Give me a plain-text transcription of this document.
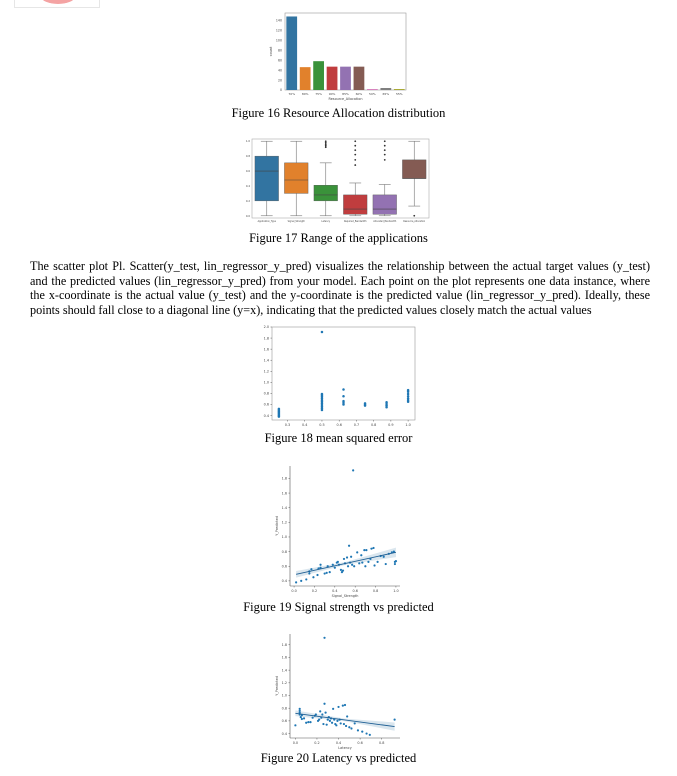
0
20
40
60
80
100
120
140
70% 80% 75% 90% 85% 60% 50% 65% 55%
Resource_Allocation
count
Figure 16 Resource Allocation distribution
0.0
0.2
0.4
0.6
0.8
1.0
Application_Type	Signal_Strength	Latency	Required_Bandwidth	Allocated_Bandwidth	Resource_Allocation
Figure 17 Range of the applications
The scatter plot Pl. Scatter(y_test, lin_regressor_y_pred) visualizes the relationship between the actual target values (y_test) and the predicted values (lin_regressor_y_pred) from your model. Each point on the plot represents one data instance, where the x-coordinate is the actual value (y_test) and the y-coordinate is the predicted value (lin_regressor_y_pred). Ideally, these points should fall close to a diagonal line (y=x), indicating that the predicted values closely match the actual values
0.3	0.4	0.5	0.6	0.7	0.8	0.9	1.0
0.4
0.6
0.8
1.0
1.2
1.4
1.6
1.8
2.0
Figure 18 mean squared error
0.0	0.2	0.4	0.6	0.8	1.0
0.4
0.6
0.8
1.0
1.2
1.4
1.6
1.8
Signal_Strength
Y_Predicted
Figure 19 Signal strength vs predicted
0.0	0.2	0.4	0.6	0.8
0.4
0.6
0.8
1.0
1.2
1.4
1.6
1.8
Latency
Y_Predicted
Figure 20 Latency vs predicted
